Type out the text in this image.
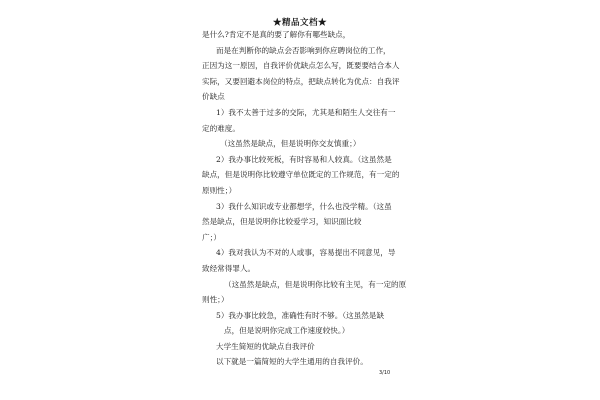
★精品文档★
是什么?肯定不是真的要了解你有哪些缺点，
而是在判断你的缺点会否影响到你应聘岗位的工作，
正因为这一原因，自我评价优缺点怎么写，既要要结合本人
实际，又要回避本岗位的特点，把缺点转化为优点：自我评
价缺点
1）我不太善于过多的交际，尤其是和陌生人交往有一
定的难度。
（这虽然是缺点，但是说明你交友慎重；）
2）我办事比较死板，有时容易和人较真。（这虽然是
缺点，但是说明你比较遵守单位既定的工作规范，有一定的
原则性；）
3）我什么知识或专业都想学，什么也没学精。（这虽
然是缺点，但是说明你比较爱学习，知识面比较
广；）
4）我对我认为不对的人或事，容易提出不同意见，导
致经常得罪人。
（这虽然是缺点，但是说明你比较有主见，有一定的原
则性；）
5）我办事比较急，准确性有时不够。（这虽然是缺
点，但是说明你完成工作速度较快。）
大学生简短的优缺点自我评价
以下就是一篇简短的大学生通用的自我评价。
3/10
